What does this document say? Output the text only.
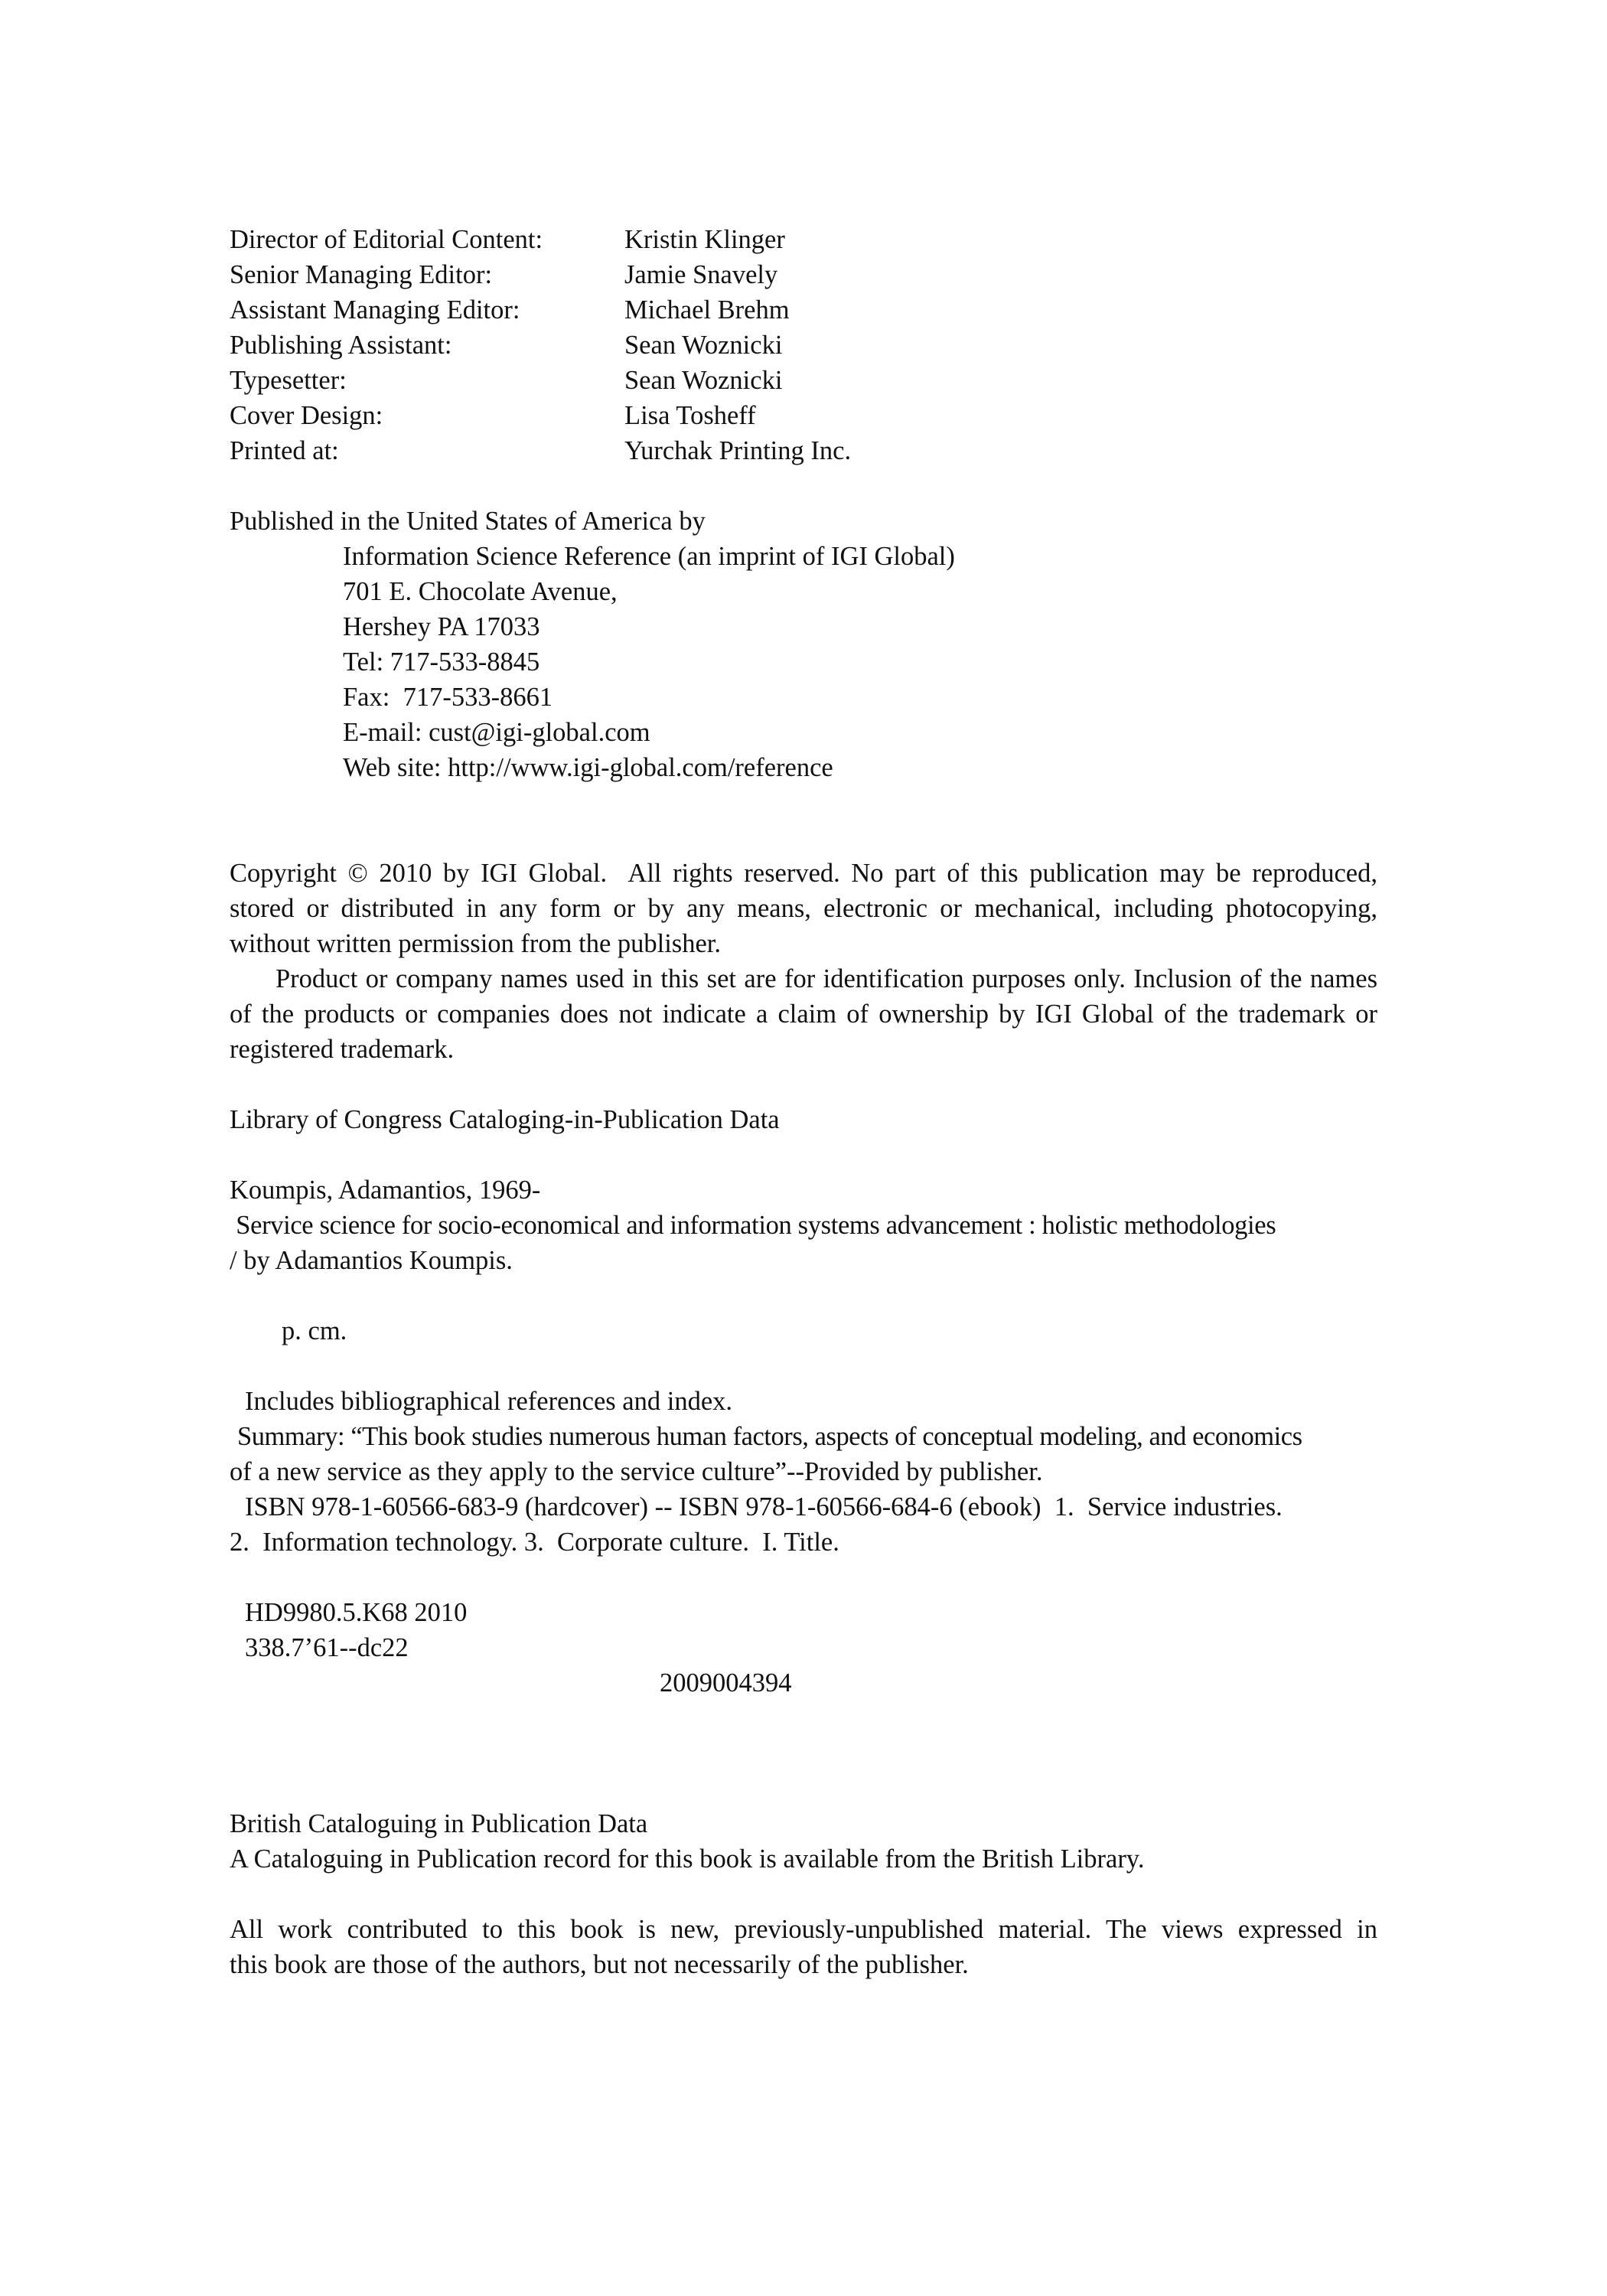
Director of Editorial Content:	Kristin Klinger
Senior Managing Editor:	Jamie Snavely
Assistant Managing Editor:	Michael Brehm
Publishing Assistant:	Sean Woznicki
Typesetter:	Sean Woznicki
Cover Design:	Lisa Tosheff
Printed at:	Yurchak Printing Inc.
Published in the United States of America by
Information Science Reference (an imprint of IGI Global)
701 E. Chocolate Avenue,
Hershey PA 17033
Tel: 717-533-8845
Fax:  717-533-8661
E-mail: cust@igi-global.com
Web site: http://www.igi-global.com/reference
Copyright © 2010 by IGI Global.  All rights reserved. No part of this publication may be reproduced,
stored or distributed in any form or by any means, electronic or mechanical, including photocopying,
without written permission from the publisher.

Product or company names used in this set are for identification purposes only. Inclusion of the names of the products or companies does not indicate a claim of ownership by IGI Global of the trademark or registered trademark.

Library of Congress Cataloging-in-Publication Data
Koumpis, Adamantios, 1969-
Service science for socio-economical and information systems advancement : holistic methodologies
/ by Adamantios Koumpis.
p. cm.
Includes bibliographical references and index.
Summary: “This book studies numerous human factors, aspects of conceptual modeling, and economics
of a new service as they apply to the service culture”--Provided by publisher.
ISBN 978-1-60566-683-9 (hardcover) -- ISBN 978-1-60566-684-6 (ebook)  1.  Service industries.
2.  Information technology. 3.  Corporate culture.  I. Title.
HD9980.5.K68 2010
338.7’61--dc22
2009004394
British Cataloguing in Publication Data
A Cataloguing in Publication record for this book is available from the British Library.
All work contributed to this book is new, previously-unpublished material. The views expressed in
this book are those of the authors, but not necessarily of the publisher.
